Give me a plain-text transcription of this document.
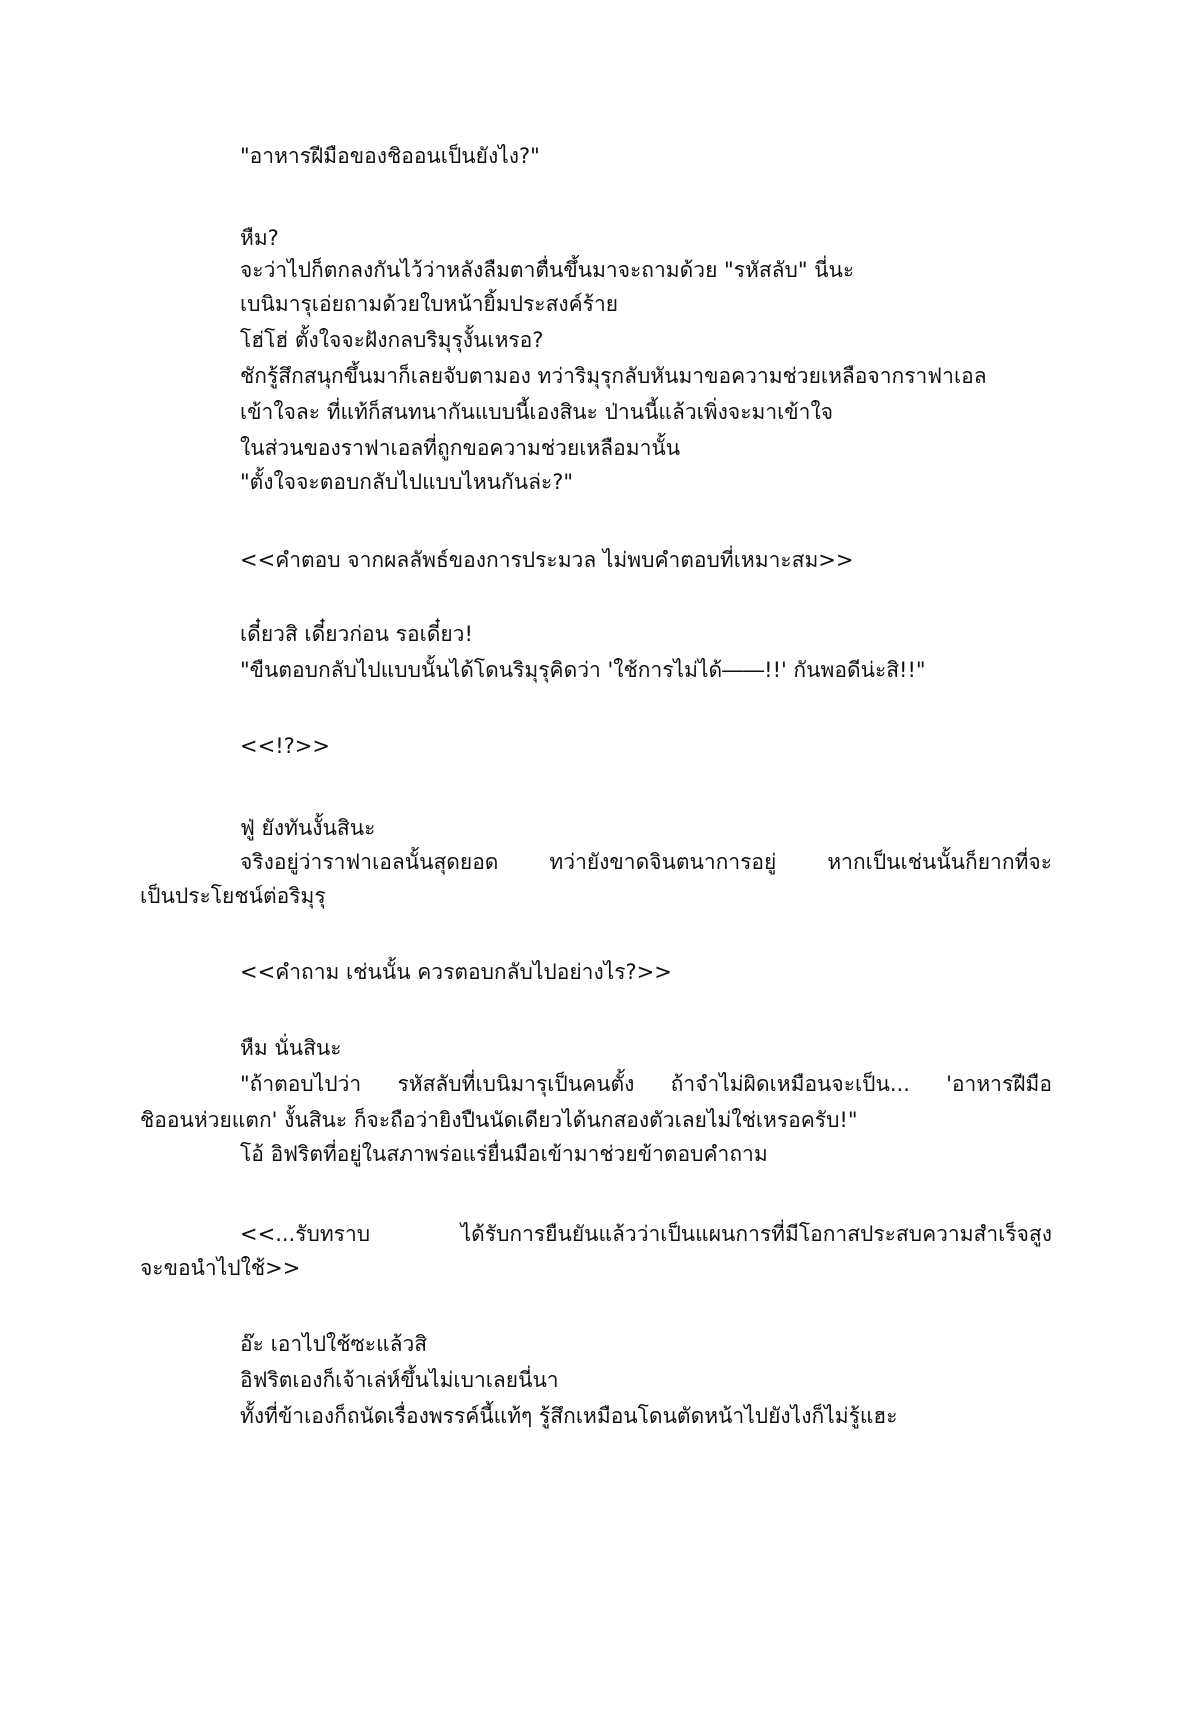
"อาหารฝีมือของชิออนเป็นยังไง?"
หืม?
จะว่าไปก็ตกลงกันไว้ว่าหลังลืมตาตื่นขึ้นมาจะถามด้วย "รหัสลับ" นี่นะ
เบนิมารุเอ่ยถามด้วยใบหน้ายิ้มประสงค์ร้าย
โฮ่โฮ่ ตั้งใจจะฝังกลบริมุรุงั้นเหรอ?
ชักรู้สึกสนุกขึ้นมาก็เลยจับตามอง ทว่าริมุรุกลับหันมาขอความช่วยเหลือจากราฟาเอล
เข้าใจละ ที่แท้ก็สนทนากันแบบนี้เองสินะ ป่านนี้แล้วเพิ่งจะมาเข้าใจ
ในส่วนของราฟาเอลที่ถูกขอความช่วยเหลือมานั้น
"ตั้งใจจะตอบกลับไปแบบไหนกันล่ะ?"
<<คำตอบ จากผลลัพธ์ของการประมวล ไม่พบคำตอบที่เหมาะสม>>
เดี๋ยวสิ เดี๋ยวก่อน รอเดี๋ยว!
"ขืนตอบกลับไปแบบนั้นได้โดนริมุรุคิดว่า 'ใช้การไม่ได้――!!' กันพอดีน่ะสิ!!"
<<!?>>
ฟู่ ยังทันงั้นสินะ
จริงอยู่ว่าราฟาเอลนั้นสุดยอด ทว่ายังขาดจินตนาการอยู่ หากเป็นเช่นนั้นก็ยากที่จะ
เป็นประโยชน์ต่อริมุรุ
<<คำถาม เช่นนั้น ควรตอบกลับไปอย่างไร?>>
หืม นั่นสินะ
"ถ้าตอบไปว่า รหัสลับที่เบนิมารุเป็นคนตั้ง ถ้าจำไม่ผิดเหมือนจะเป็น... 'อาหารฝีมือ
ชิออนห่วยแตก' งั้นสินะ ก็จะถือว่ายิงปืนนัดเดียวได้นกสองตัวเลยไม่ใช่เหรอครับ!"
โอ้ อิฟริตที่อยู่ในสภาพร่อแร่ยื่นมือเข้ามาช่วยข้าตอบคำถาม
<<...รับทราบ ได้รับการยืนยันแล้วว่าเป็นแผนการที่มีโอกาสประสบความสำเร็จสูง
จะขอนำไปใช้>>
อ๊ะ เอาไปใช้ซะแล้วสิ
อิฟริตเองก็เจ้าเล่ห์ขึ้นไม่เบาเลยนี่นา
ทั้งที่ข้าเองก็ถนัดเรื่องพรรค์นี้แท้ๆ รู้สึกเหมือนโดนตัดหน้าไปยังไงก็ไม่รู้แฮะ
